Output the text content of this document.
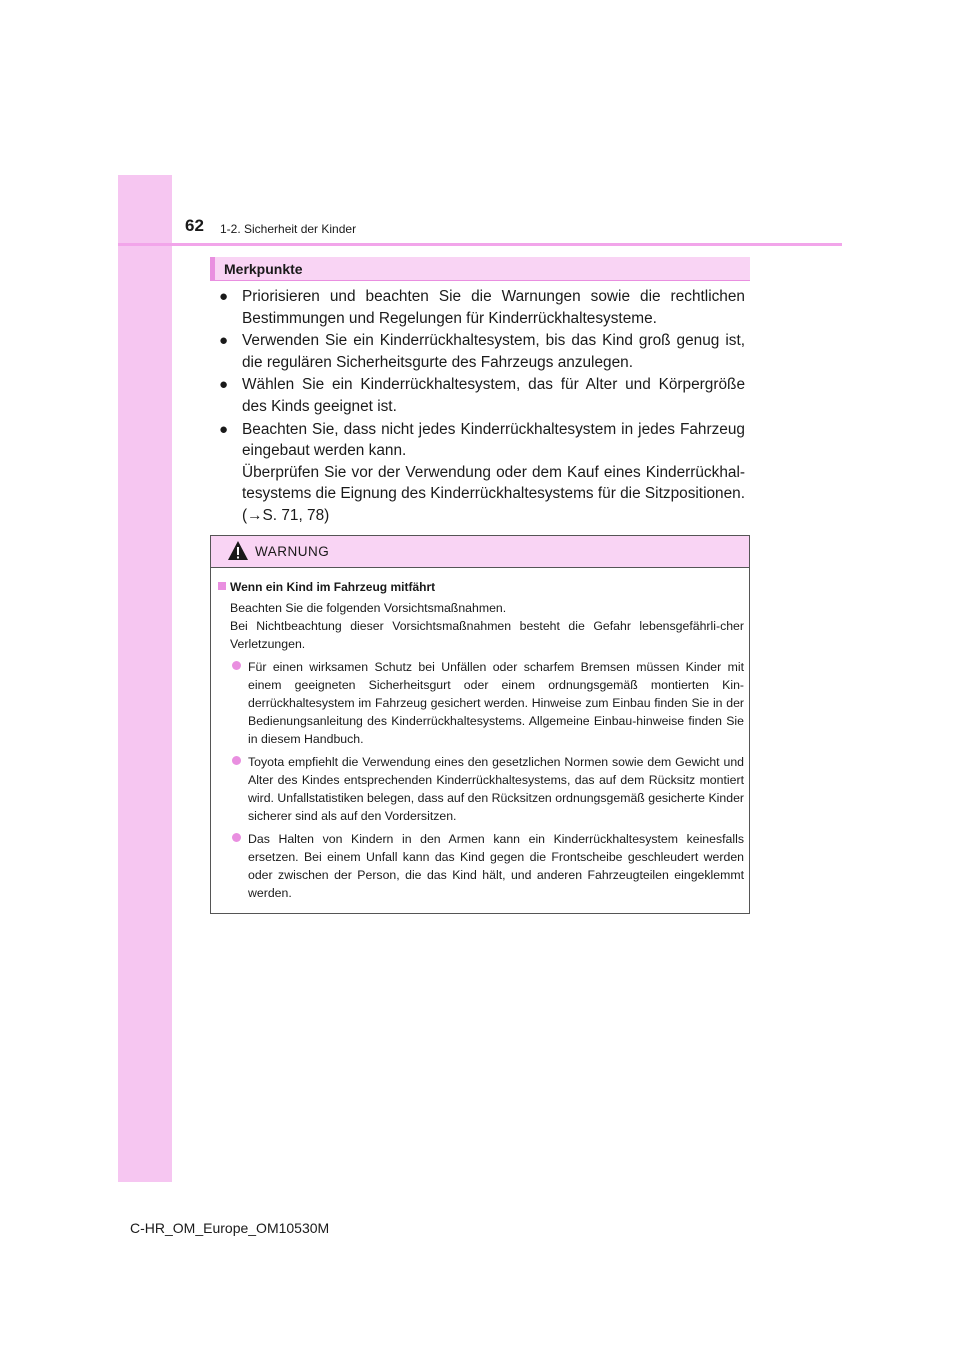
62 1-2. Sicherheit der Kinder
Merkpunkte
● Priorisieren und beachten Sie die Warnungen sowie die rechtlichen Bestimmungen und Regelungen für Kinderrückhaltesysteme.
● Verwenden Sie ein Kinderrückhaltesystem, bis das Kind groß genug ist, die regulären Sicherheitsgurte des Fahrzeugs anzulegen.
● Wählen Sie ein Kinderrückhaltesystem, das für Alter und Körpergröße des Kinds geeignet ist.
● Beachten Sie, dass nicht jedes Kinderrückhaltesystem in jedes Fahrzeug eingebaut werden kann.
Überprüfen Sie vor der Verwendung oder dem Kauf eines Kinderrückhal-tesystems die Eignung des Kinderrückhaltesystems für die Sitzpositionen.
(→S. 71, 78)
WARNUNG
Wenn ein Kind im Fahrzeug mitfährt
Beachten Sie die folgenden Vorsichtsmaßnahmen.
Bei Nichtbeachtung dieser Vorsichtsmaßnahmen besteht die Gefahr lebensgefährli-cher Verletzungen.
Für einen wirksamen Schutz bei Unfällen oder scharfem Bremsen müssen Kinder mit einem geeigneten Sicherheitsgurt oder einem ordnungsgemäß montierten Kin-derrückhaltesystem im Fahrzeug gesichert werden. Hinweise zum Einbau finden Sie in der Bedienungsanleitung des Kinderrückhaltesystems. Allgemeine Einbau-hinweise finden Sie in diesem Handbuch.
Toyota empfiehlt die Verwendung eines den gesetzlichen Normen sowie dem Gewicht und Alter des Kindes entsprechenden Kinderrückhaltesystems, das auf dem Rücksitz montiert wird. Unfallstatistiken belegen, dass auf den Rücksitzen ordnungsgemäß gesicherte Kinder sicherer sind als auf den Vordersitzen.
Das Halten von Kindern in den Armen kann ein Kinderrückhaltesystem keinesfalls ersetzen. Bei einem Unfall kann das Kind gegen die Frontscheibe geschleudert werden oder zwischen der Person, die das Kind hält, und anderen Fahrzeugteilen eingeklemmt werden.
C-HR_OM_Europe_OM10530M
